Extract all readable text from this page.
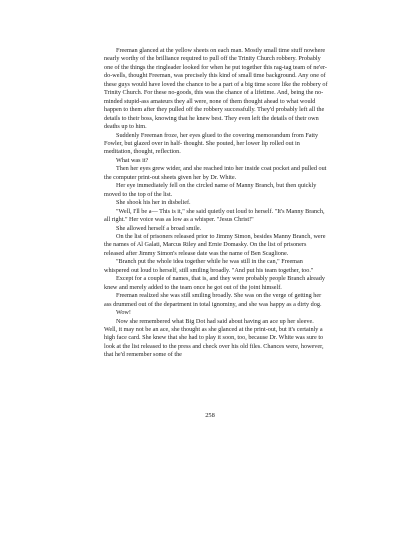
Freeman glanced at the yellow sheets on each man. Mostly small time stuff nowhere nearly worthy of the brilliance required to pull off the Trinity Church robbery. Probably one of the things the ringleader looked for when he put together this rag-tag team of ne'er-do-wells, thought Freeman, was precisely this kind of small time background. Any one of these guys would have loved the chance to be a part of a big time score like the robbery of Trinity Church. For these no-goods, this was the chance of a lifetime. And, being the no-minded stupid-ass amateurs they all were, none of them thought ahead to what would happen to them after they pulled off the robbery successfully. They'd probably left all the details to their boss, knowing that he knew best. They even left the details of their own deaths up to him.

Suddenly Freeman froze, her eyes glued to the covering memorandum from Fatty Fowler, but glazed over in half- thought. She pouted, her lower lip rolled out in meditation, thought, reflection.

What was it?

Then her eyes grew wider, and she reached into her inside coat pocket and pulled out the computer print-out sheets given her by Dr. White.

Her eye immediately fell on the circled name of Manny Branch, but then quickly moved to the top of the list.

She shook his her in disbelief.

"Well, I'll be a— This is it," she said quietly out loud to herself. "It's Manny Branch, all right." Her voice was as low as a whisper. "Jesus Christ!"

She allowed herself a broad smile.

On the list of prisoners released prior to Jimmy Simon, besides Manny Branch, were the names of Al Galati, Marcus Riley and Ernie Domasky. On the list of prisoners released after Jimmy Simon's release date was the name of Ben Scaglione.

"Branch put the whole idea together while he was still in the can," Freeman whispered out loud to herself, still smiling broadly. "And put his team together, too."

Except for a couple of names, that is, and they were probably people Branch already knew and merely added to the team once he got out of the joint himself.

Freeman realized she was still smiling broadly. She was on the verge of getting her ass drummed out of the department in total ignominy, and she was happy as a dirty dog.

Wow!

Now she remembered what Big Dot had said about having an ace up her sleeve. Well, it may not be an ace, she thought as she glanced at the print-out, but it's certainly a high face card. She knew that she had to play it soon, too, because Dr. White was sure to look at the list released to the press and check over his old files. Chances were, however, that he'd remember some of the

258
